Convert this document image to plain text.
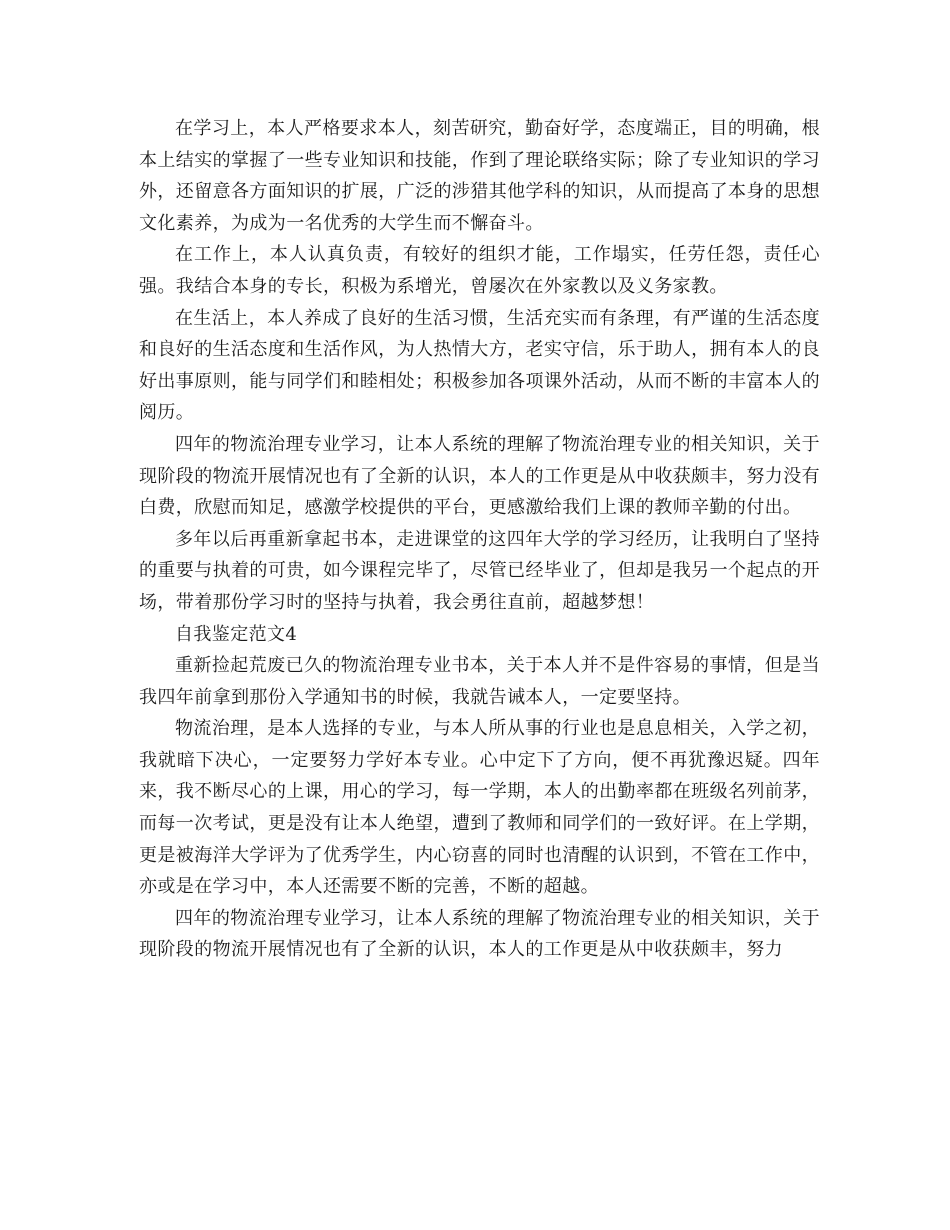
在学习上，本人严格要求本人，刻苦研究，勤奋好学，态度端正，目的明确，根本上结实的掌握了一些专业知识和技能，作到了理论联络实际；除了专业知识的学习外，还留意各方面知识的扩展，广泛的涉猎其他学科的知识，从而提高了本身的思想文化素养，为成为一名优秀的大学生而不懈奋斗。

在工作上，本人认真负责，有较好的组织才能，工作塌实，任劳任怨，责任心强。我结合本身的专长，积极为系增光，曾屡次在外家教以及义务家教。

在生活上，本人养成了良好的生活习惯，生活充实而有条理，有严谨的生活态度和良好的生活态度和生活作风，为人热情大方，老实守信，乐于助人，拥有本人的良好出事原则，能与同学们和睦相处；积极参加各项课外活动，从而不断的丰富本人的阅历。

四年的物流治理专业学习，让本人系统的理解了物流治理专业的相关知识，关于现阶段的物流开展情况也有了全新的认识，本人的工作更是从中收获颇丰，努力没有白费，欣慰而知足，感激学校提供的平台，更感激给我们上课的教师辛勤的付出。

多年以后再重新拿起书本，走进课堂的这四年大学的学习经历，让我明白了坚持的重要与执着的可贵，如今课程完毕了，尽管已经毕业了，但却是我另一个起点的开场，带着那份学习时的坚持与执着，我会勇往直前，超越梦想！

自我鉴定范文4

重新捡起荒废已久的物流治理专业书本，关于本人并不是件容易的事情，但是当我四年前拿到那份入学通知书的时候，我就告诫本人，一定要坚持。

物流治理，是本人选择的专业，与本人所从事的行业也是息息相关，入学之初，我就暗下决心，一定要努力学好本专业。心中定下了方向，便不再犹豫迟疑。四年来，我不断尽心的上课，用心的学习，每一学期，本人的出勤率都在班级名列前茅，而每一次考试，更是没有让本人绝望，遭到了教师和同学们的一致好评。在上学期，更是被海洋大学评为了优秀学生，内心窃喜的同时也清醒的认识到，不管在工作中，亦或是在学习中，本人还需要不断的完善，不断的超越。

四年的物流治理专业学习，让本人系统的理解了物流治理专业的相关知识，关于现阶段的物流开展情况也有了全新的认识，本人的工作更是从中收获颇丰，努力
